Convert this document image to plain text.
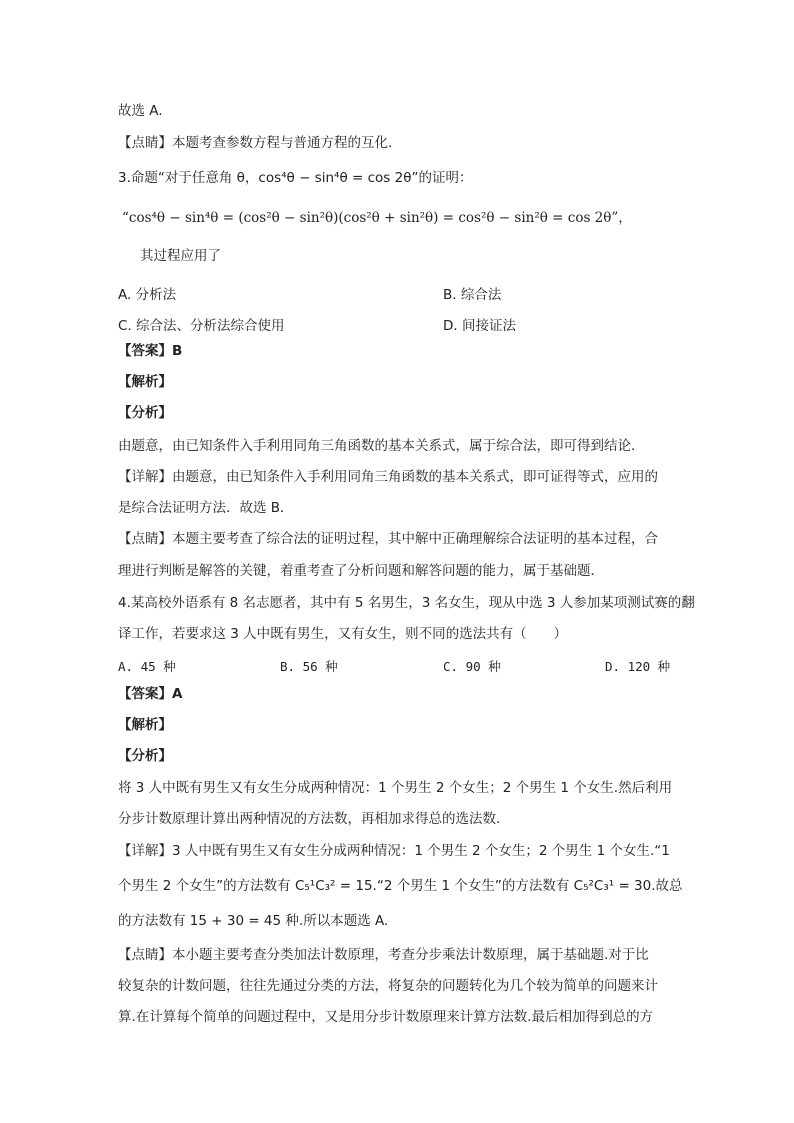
故选 A.
【点睛】本题考查参数方程与普通方程的互化.
3.命题“对于任意角 θ，cos⁴θ − sin⁴θ = cos 2θ”的证明：
“cos⁴θ − sin⁴θ = (cos²θ − sin²θ)(cos²θ + sin²θ) = cos²θ − sin²θ = cos 2θ”，
其过程应用了
A. 分析法	B. 综合法
C. 综合法、分析法综合使用	D. 间接证法
【答案】B
【解析】
【分析】
由题意，由已知条件入手利用同角三角函数的基本关系式，属于综合法，即可得到结论．
【详解】由题意，由已知条件入手利用同角三角函数的基本关系式，即可证得等式，应用的
是综合法证明方法．故选 B．
【点睛】本题主要考查了综合法的证明过程，其中解中正确理解综合法证明的基本过程，合
理进行判断是解答的关键，着重考查了分析问题和解答问题的能力，属于基础题．
4.某高校外语系有 8 名志愿者，其中有 5 名男生，3 名女生，现从中选 3 人参加某项测试赛的翻
译工作，若要求这 3 人中既有男生，又有女生，则不同的选法共有（　　）
A. 45 种	B. 56 种	C. 90 种	D. 120 种
【答案】A
【解析】
【分析】
将 3 人中既有男生又有女生分成两种情况：1 个男生 2 个女生；2 个男生 1 个女生.然后利用
分步计数原理计算出两种情况的方法数，再相加求得总的选法数.
【详解】3 人中既有男生又有女生分成两种情况：1 个男生 2 个女生；2 个男生 1 个女生.“1
个男生 2 个女生”的方法数有 C₅¹C₃² = 15.“2 个男生 1 个女生”的方法数有 C₅²C₃¹ = 30.故总
的方法数有 15 + 30 = 45 种.所以本题选 A.
【点睛】本小题主要考查分类加法计数原理，考查分步乘法计数原理，属于基础题.对于比
较复杂的计数问题，往往先通过分类的方法，将复杂的问题转化为几个较为简单的问题来计
算.在计算每个简单的问题过程中，又是用分步计数原理来计算方法数.最后相加得到总的方
